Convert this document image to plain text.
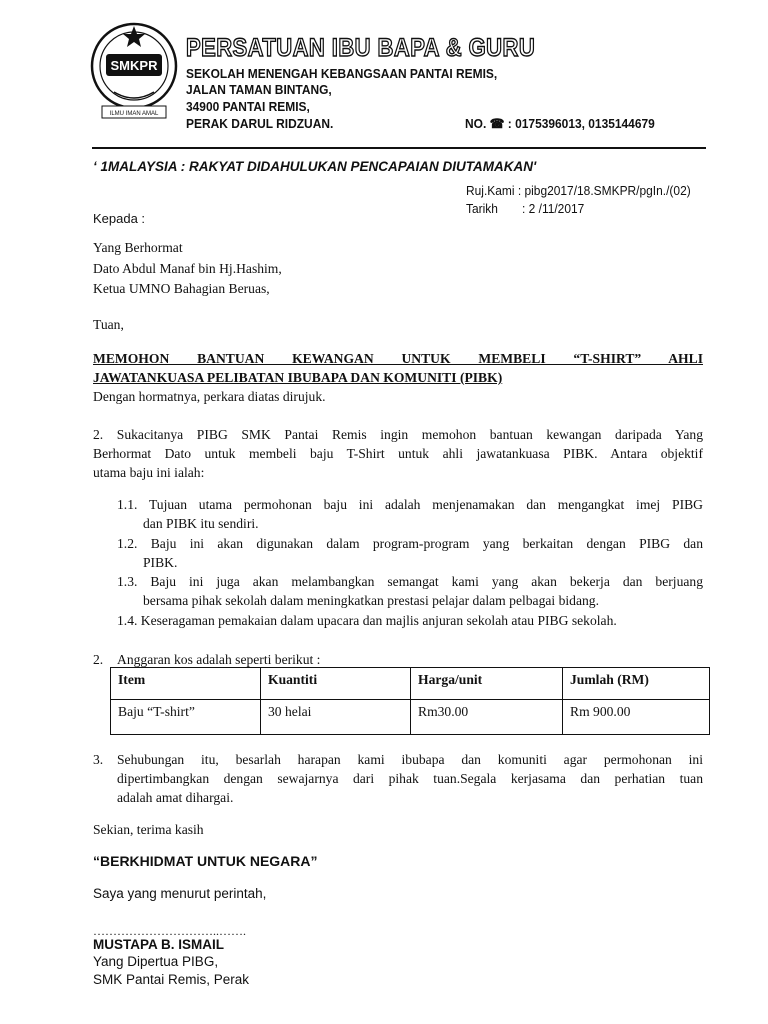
SMKPR
ILMU IMAN AMAL
PERSATUAN IBU BAPA & GURU
SEKOLAH MENENGAH KEBANGSAAN PANTAI REMIS,
JALAN TAMAN BINTANG,
34900 PANTAI REMIS,
PERAK DARUL RIDZUAN.	NO. ☎ : 0175396013, 0135144679
‘ 1MALAYSIA : RAKYAT DIDAHULUKAN PENCAPAIAN DIUTAMAKAN'
Ruj.Kami : pibg2017/18.SMKPR/pgIn./(02)
Tarikh : 2 /11/2017
Kepada :
Yang Berhormat
Dato Abdul Manaf bin Hj.Hashim,
Ketua UMNO Bahagian Beruas,
Tuan,
MEMOHON BANTUAN KEWANGAN UNTUK MEMBELI “T-SHIRT” AHLI
JAWATANKUASA PELIBATAN IBUBAPA DAN KOMUNITI (PIBK)
Dengan hormatnya, perkara diatas dirujuk.
2. Sukacitanya PIBG SMK Pantai Remis ingin memohon bantuan kewangan daripada Yang
Berhormat Dato untuk membeli baju T-Shirt untuk ahli jawatankuasa PIBK. Antara objektif
utama baju ini ialah:
1.1. Tujuan utama permohonan baju ini adalah menjenamakan dan mengangkat imej PIBG
dan PIBK itu sendiri.
1.2. Baju ini akan digunakan dalam program-program yang berkaitan dengan PIBG dan
PIBK.
1.3. Baju ini juga akan melambangkan semangat kami yang akan bekerja dan berjuang
bersama pihak sekolah dalam meningkatkan prestasi pelajar dalam pelbagai bidang.
1.4. Keseragaman pemakaian dalam upacara dan majlis anjuran sekolah atau PIBG sekolah.
2. Anggaran kos adalah seperti berikut :
Item	Kuantiti	Harga/unit	Jumlah (RM)
Baju “T-shirt”	30 helai	Rm30.00	Rm 900.00
3. Sehubungan itu, besarlah harapan kami ibubapa dan komuniti agar permohonan ini
dipertimbangkan dengan sewajarnya dari pihak tuan.Segala kerjasama dan perhatian tuan
adalah amat dihargai.
Sekian, terima kasih
“BERKHIDMAT UNTUK NEGARA”
Saya yang menurut perintah,
…………………………..…….
MUSTAPA B. ISMAIL
Yang Dipertua PIBG,
SMK Pantai Remis, Perak
